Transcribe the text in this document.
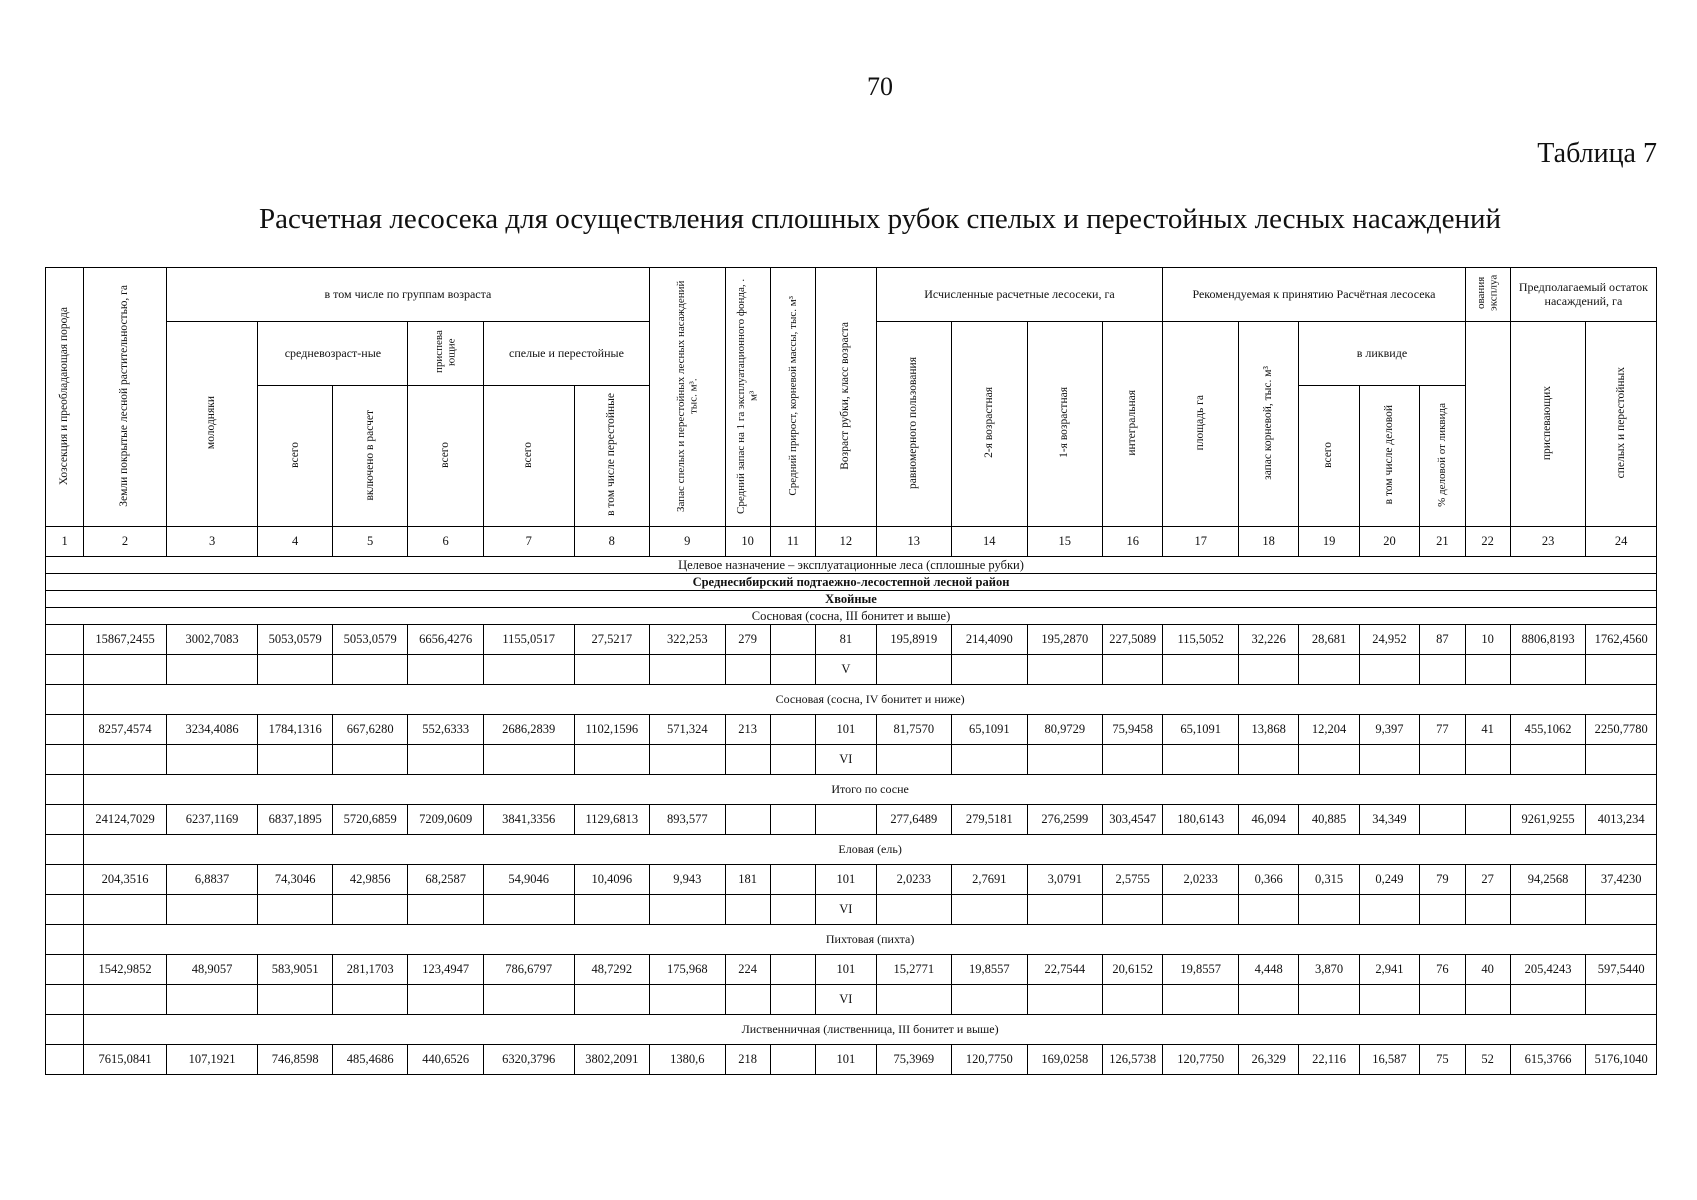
70
Таблица 7
Расчетная лесосека для осуществления сплошных рубок спелых и перестойных лесных насаждений
Хозсекция и преобладающая порода	Земли покрытые лесной растительностью, га	в том числе по группам возраста						Запас спелых и перестойных лесных насаждений тыс. м³.	Средний запас на 1 га эксплуатационного фонда, . м³	Средний прирост, корневой массы, тыс. м³	Возраст рубки, класс возраста	Исчисленные расчетные лесосеки, га				Рекомендуемая к принятию Расчётная лесосека					ования эксплуа	Предполагаемый остаток насаждений, га	
		молодняки	средневозраст-ные		приспева ющие	спелые и перестойные						равномерного пользования	2-я возрастная	1-я возрастная	интегральная	площадь га	запас корневой, тыс. м³	в ликвиде				приспевающих	спелых и перестойных
			всего	включено в расчет	всего	всего	в том числе перестойные											всего	в том числе деловой	% деловой от ликвида			
1	2	3	4	5	6	7	8	9	10	11	12	13	14	15	16	17	18	19	20	21	22	23	24
Целевое назначение – эксплуатационные леса (сплошные рубки)																							
Среднесибирский подтаежно-лесостепной лесной район																							
Хвойные																							
Сосновая (сосна, III бонитет и выше)																							
	15867,2455	3002,7083	5053,0579	5053,0579	6656,4276	1155,0517	27,5217	322,253	279		81	195,8919	214,4090	195,2870	227,5089	115,5052	32,226	28,681	24,952	87	10	8806,8193	1762,4560
											V												
	Сосновая (сосна, IV бонитет и ниже)																						
	8257,4574	3234,4086	1784,1316	667,6280	552,6333	2686,2839	1102,1596	571,324	213		101	81,7570	65,1091	80,9729	75,9458	65,1091	13,868	12,204	9,397	77	41	455,1062	2250,7780
											VI												
	Итого по сосне																						
	24124,7029	6237,1169	6837,1895	5720,6859	7209,0609	3841,3356	1129,6813	893,577				277,6489	279,5181	276,2599	303,4547	180,6143	46,094	40,885	34,349			9261,9255	4013,234
	Еловая (ель)																						
	204,3516	6,8837	74,3046	42,9856	68,2587	54,9046	10,4096	9,943	181		101	2,0233	2,7691	3,0791	2,5755	2,0233	0,366	0,315	0,249	79	27	94,2568	37,4230
											VI												
	Пихтовая (пихта)																						
	1542,9852	48,9057	583,9051	281,1703	123,4947	786,6797	48,7292	175,968	224		101	15,2771	19,8557	22,7544	20,6152	19,8557	4,448	3,870	2,941	76	40	205,4243	597,5440
											VI												
	Лиственничная (лиственница, III бонитет и выше)																						
	7615,0841	107,1921	746,8598	485,4686	440,6526	6320,3796	3802,2091	1380,6	218		101	75,3969	120,7750	169,0258	126,5738	120,7750	26,329	22,116	16,587	75	52	615,3766	5176,1040
